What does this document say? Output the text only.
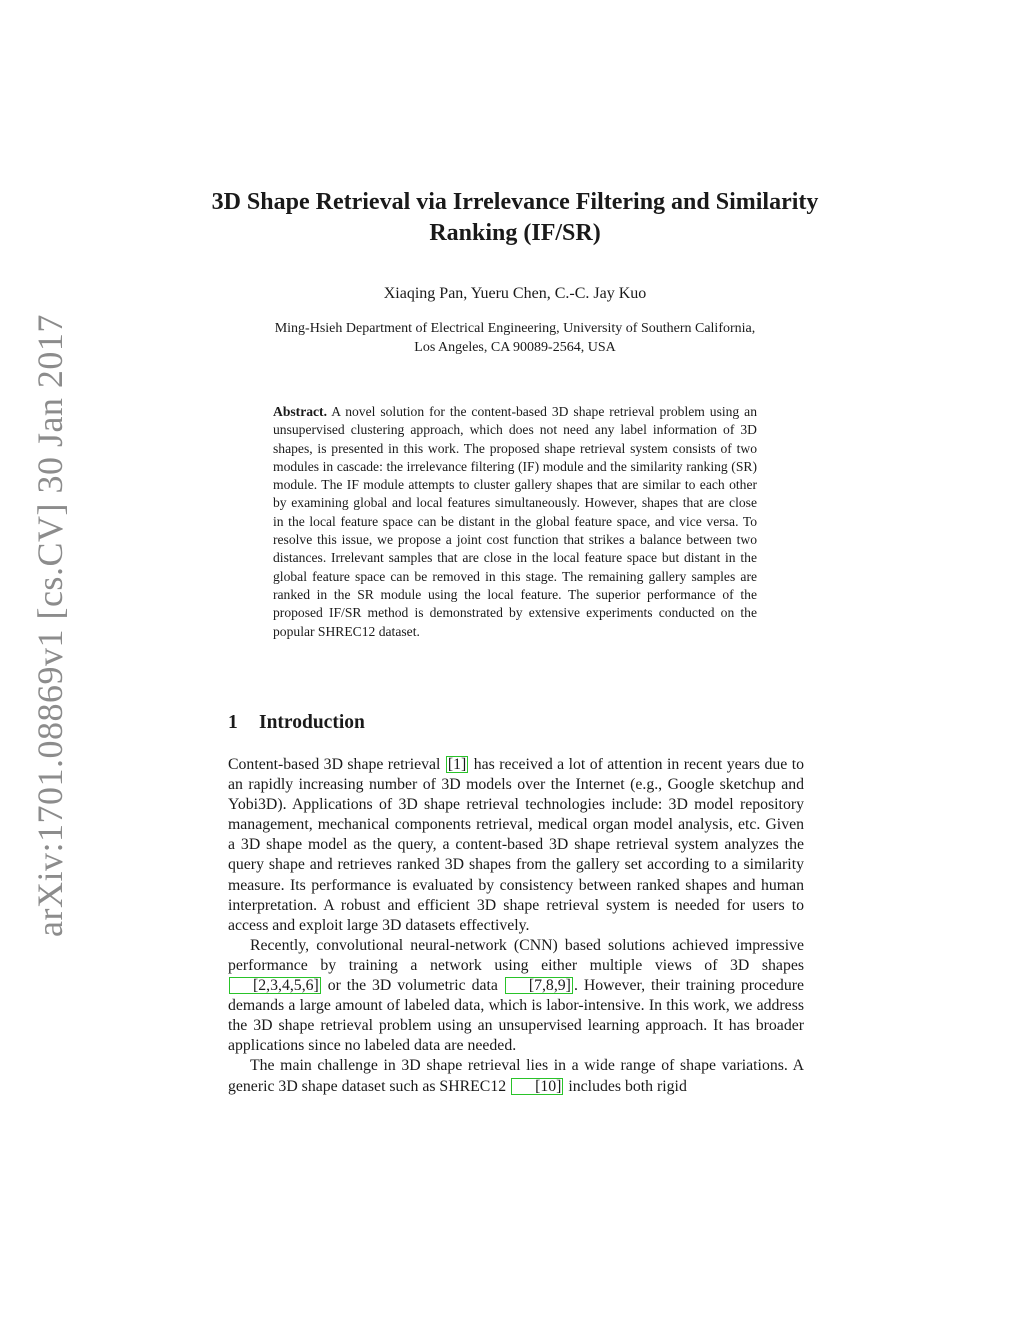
arXiv:1701.08869v1 [cs.CV] 30 Jan 2017
3D Shape Retrieval via Irrelevance Filtering and Similarity Ranking (IF/SR)
Xiaqing Pan, Yueru Chen, C.-C. Jay Kuo
Ming-Hsieh Department of Electrical Engineering, University of Southern California,
Los Angeles, CA 90089-2564, USA
Abstract. A novel solution for the content-based 3D shape retrieval problem using an unsupervised clustering approach, which does not need any label information of 3D shapes, is presented in this work. The proposed shape retrieval system consists of two modules in cascade: the irrelevance filtering (IF) module and the similarity ranking (SR) module. The IF module attempts to cluster gallery shapes that are similar to each other by examining global and local features simultaneously. However, shapes that are close in the local feature space can be distant in the global feature space, and vice versa. To resolve this issue, we propose a joint cost function that strikes a balance between two distances. Irrelevant samples that are close in the local feature space but distant in the global feature space can be removed in this stage. The remaining gallery samples are ranked in the SR module using the local feature. The superior performance of the proposed IF/SR method is demonstrated by extensive experiments conducted on the popular SHREC12 dataset.
1 Introduction

Content-based 3D shape retrieval [1] has received a lot of attention in recent years due to an rapidly increasing number of 3D models over the Internet (e.g., Google sketchup and Yobi3D). Applications of 3D shape retrieval technologies include: 3D model repository management, mechanical components retrieval, medical organ model analysis, etc. Given a 3D shape model as the query, a content-based 3D shape retrieval system analyzes the query shape and retrieves ranked 3D shapes from the gallery set according to a similarity measure. Its performance is evaluated by consistency between ranked shapes and human interpretation. A robust and efficient 3D shape retrieval system is needed for users to access and exploit large 3D datasets effectively.

Recently, convolutional neural-network (CNN) based solutions achieved impressive performance by training a network using either multiple views of 3D shapes [2,3,4,5,6] or the 3D volumetric data [7,8,9] . However, their training procedure demands a large amount of labeled data, which is labor-intensive. In this work, we address the 3D shape retrieval problem using an unsupervised learning approach. It has broader applications since no labeled data are needed.

The main challenge in 3D shape retrieval lies in a wide range of shape variations. A generic 3D shape dataset such as SHREC12 [10] includes both rigid
